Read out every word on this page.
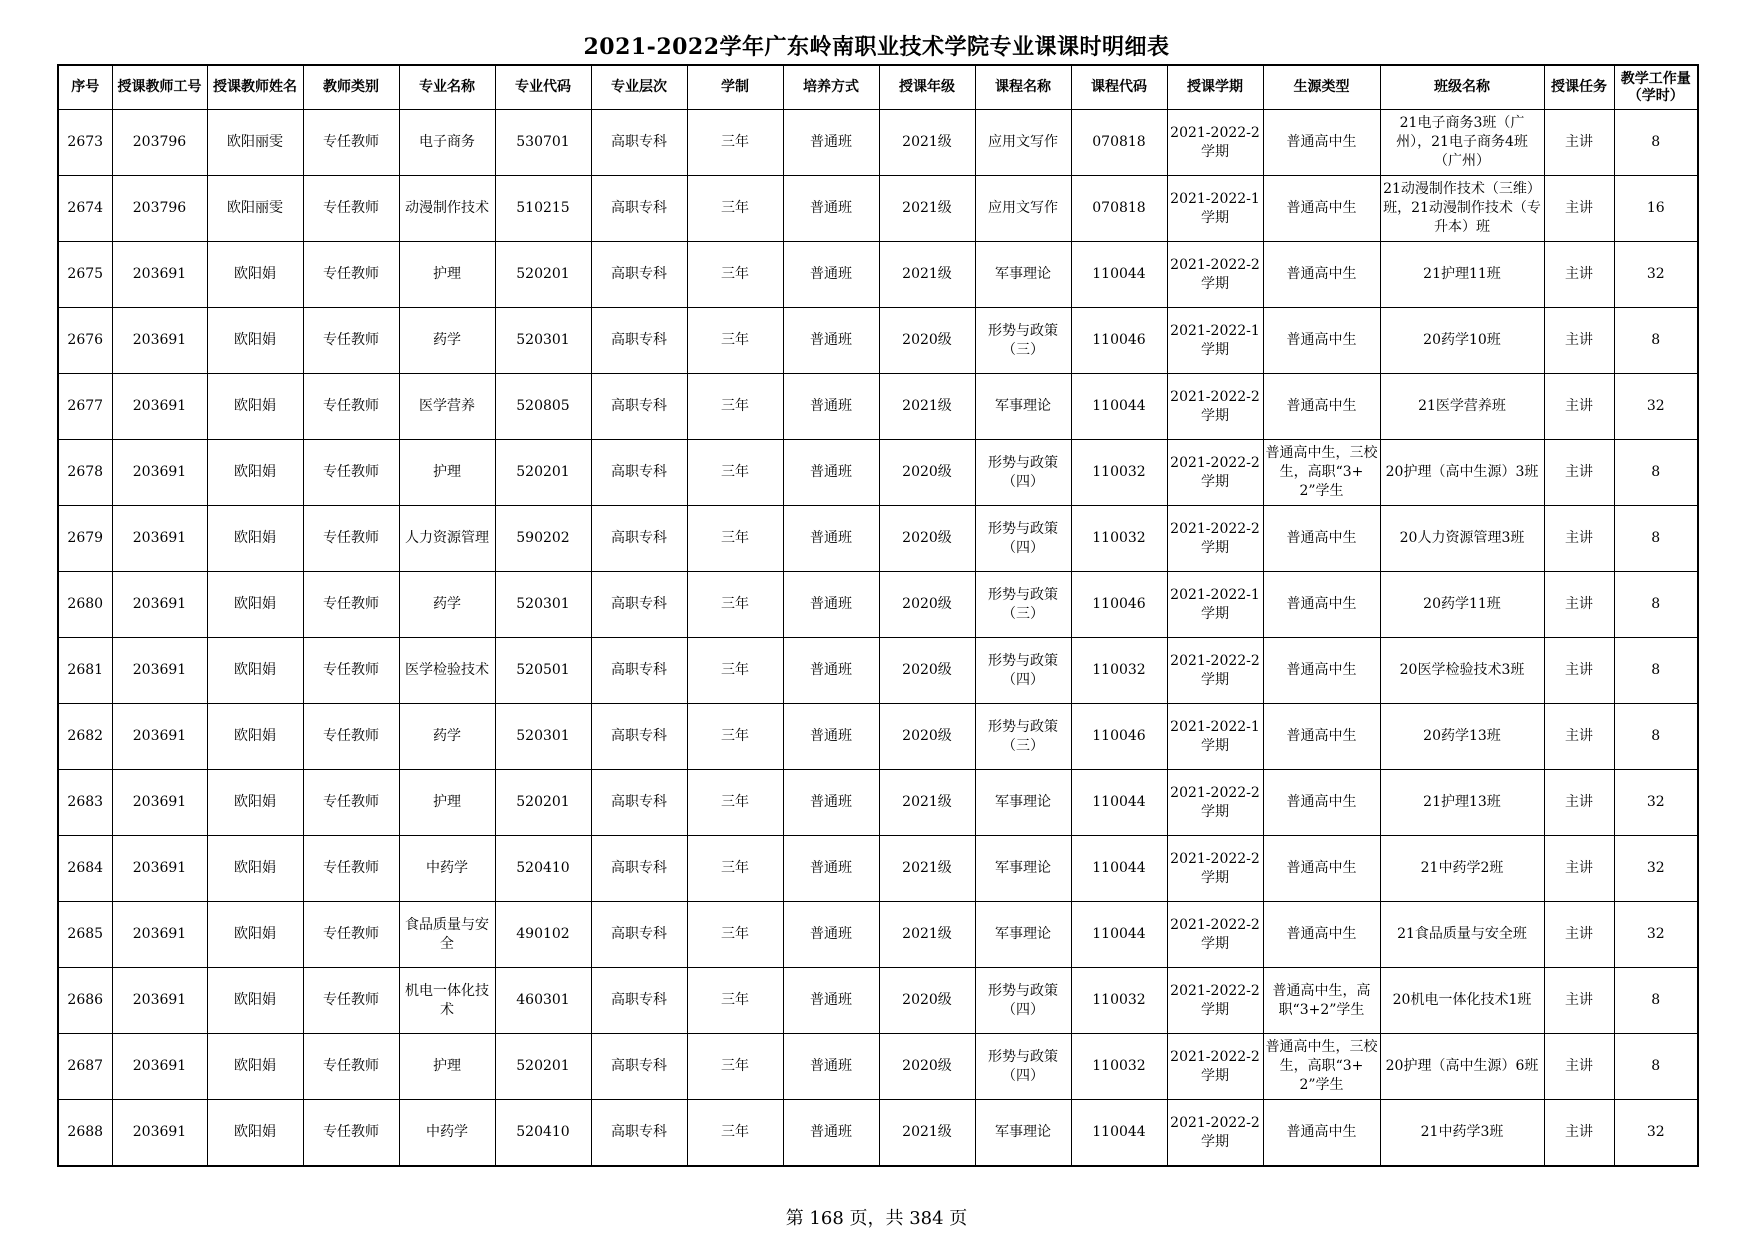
2021-2022学年广东岭南职业技术学院专业课课时明细表
序号	授课教师工号	授课教师姓名	教师类别	专业名称	专业代码	专业层次	学制	培养方式	授课年级	课程名称	课程代码	授课学期	生源类型	班级名称	授课任务	教学工作量（学时）
2673	203796	欧阳丽雯	专任教师	电子商务	530701	高职专科	三年	普通班	2021级	应用文写作	070818	2021-2022-2学期	普通高中生	21电子商务3班（广州），21电子商务4班（广州）	主讲	8
2674	203796	欧阳丽雯	专任教师	动漫制作技术	510215	高职专科	三年	普通班	2021级	应用文写作	070818	2021-2022-1学期	普通高中生	21动漫制作技术（三维）班，21动漫制作技术（专升本）班	主讲	16
2675	203691	欧阳娟	专任教师	护理	520201	高职专科	三年	普通班	2021级	军事理论	110044	2021-2022-2学期	普通高中生	21护理11班	主讲	32
2676	203691	欧阳娟	专任教师	药学	520301	高职专科	三年	普通班	2020级	形势与政策（三）	110046	2021-2022-1学期	普通高中生	20药学10班	主讲	8
2677	203691	欧阳娟	专任教师	医学营养	520805	高职专科	三年	普通班	2021级	军事理论	110044	2021-2022-2学期	普通高中生	21医学营养班	主讲	32
2678	203691	欧阳娟	专任教师	护理	520201	高职专科	三年	普通班	2020级	形势与政策（四）	110032	2021-2022-2学期	普通高中生，三校生，高职“3+2”学生	20护理（高中生源）3班	主讲	8
2679	203691	欧阳娟	专任教师	人力资源管理	590202	高职专科	三年	普通班	2020级	形势与政策（四）	110032	2021-2022-2学期	普通高中生	20人力资源管理3班	主讲	8
2680	203691	欧阳娟	专任教师	药学	520301	高职专科	三年	普通班	2020级	形势与政策（三）	110046	2021-2022-1学期	普通高中生	20药学11班	主讲	8
2681	203691	欧阳娟	专任教师	医学检验技术	520501	高职专科	三年	普通班	2020级	形势与政策（四）	110032	2021-2022-2学期	普通高中生	20医学检验技术3班	主讲	8
2682	203691	欧阳娟	专任教师	药学	520301	高职专科	三年	普通班	2020级	形势与政策（三）	110046	2021-2022-1学期	普通高中生	20药学13班	主讲	8
2683	203691	欧阳娟	专任教师	护理	520201	高职专科	三年	普通班	2021级	军事理论	110044	2021-2022-2学期	普通高中生	21护理13班	主讲	32
2684	203691	欧阳娟	专任教师	中药学	520410	高职专科	三年	普通班	2021级	军事理论	110044	2021-2022-2学期	普通高中生	21中药学2班	主讲	32
2685	203691	欧阳娟	专任教师	食品质量与安全	490102	高职专科	三年	普通班	2021级	军事理论	110044	2021-2022-2学期	普通高中生	21食品质量与安全班	主讲	32
2686	203691	欧阳娟	专任教师	机电一体化技术	460301	高职专科	三年	普通班	2020级	形势与政策（四）	110032	2021-2022-2学期	普通高中生，高职“3+2”学生	20机电一体化技术1班	主讲	8
2687	203691	欧阳娟	专任教师	护理	520201	高职专科	三年	普通班	2020级	形势与政策（四）	110032	2021-2022-2学期	普通高中生，三校生，高职“3+2”学生	20护理（高中生源）6班	主讲	8
2688	203691	欧阳娟	专任教师	中药学	520410	高职专科	三年	普通班	2021级	军事理论	110044	2021-2022-2学期	普通高中生	21中药学3班	主讲	32
第 168 页，共 384 页
